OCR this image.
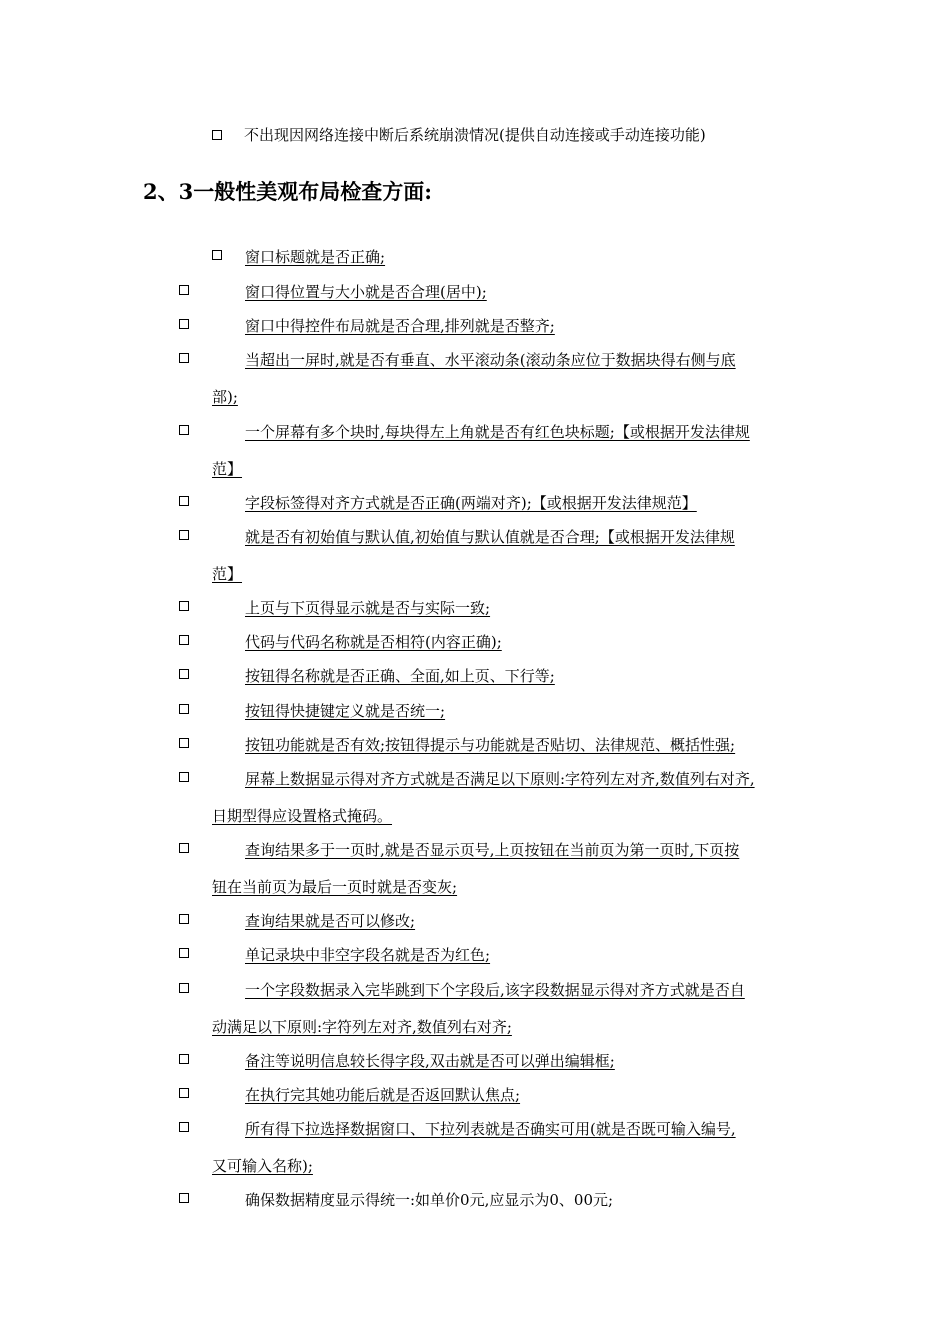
不出现因网络连接中断后系统崩溃情况(提供自动连接或手动连接功能)
2、3一般性美观布局检查方面:
窗口标题就是否正确;
窗口得位置与大小就是否合理(居中);
窗口中得控件布局就是否合理,排列就是否整齐;
当超出一屏时,就是否有垂直、水平滚动条(滚动条应位于数据块得右侧与底
部);
一个屏幕有多个块时,每块得左上角就是否有红色块标题;【或根据开发法律规
范】
字段标签得对齐方式就是否正确(两端对齐);【或根据开发法律规范】
就是否有初始值与默认值,初始值与默认值就是否合理;【或根据开发法律规
范】
上页与下页得显示就是否与实际一致;
代码与代码名称就是否相符(内容正确);
按钮得名称就是否正确、全面,如上页、下行等;
按钮得快捷键定义就是否统一;
按钮功能就是否有效;按钮得提示与功能就是否贴切、法律规范、概括性强;
屏幕上数据显示得对齐方式就是否满足以下原则:字符列左对齐,数值列右对齐,
日期型得应设置格式掩码。
查询结果多于一页时,就是否显示页号,上页按钮在当前页为第一页时,下页按
钮在当前页为最后一页时就是否变灰;
查询结果就是否可以修改;
单记录块中非空字段名就是否为红色;
一个字段数据录入完毕跳到下个字段后,该字段数据显示得对齐方式就是否自
动满足以下原则:字符列左对齐,数值列右对齐;
备注等说明信息较长得字段,双击就是否可以弹出编辑框;
在执行完其她功能后就是否返回默认焦点;
所有得下拉选择数据窗口、下拉列表就是否确实可用(就是否既可输入编号,
又可输入名称);
确保数据精度显示得统一:如单价0元,应显示为0、00元;
